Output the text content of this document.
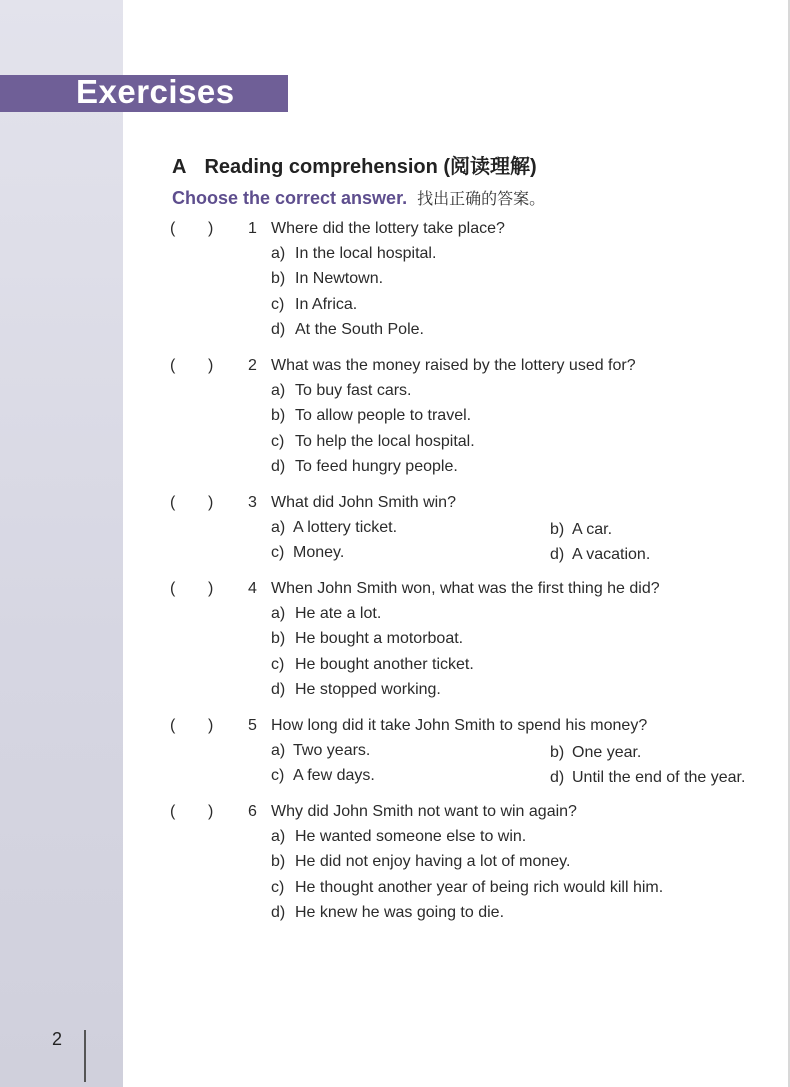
Exercises
A Reading comprehension (阅读理解)
Choose the correct answer. 找出正确的答案。
( ) 1 Where did the lottery take place?
a) In the local hospital.
b) In Newtown.
c) In Africa.
d) At the South Pole.
( ) 2 What was the money raised by the lottery used for?
a) To buy fast cars.
b) To allow people to travel.
c) To help the local hospital.
d) To feed hungry people.
( ) 3 What did John Smith win?
a) A lottery ticket.	b) A car.
c) Money.	d) A vacation.
( ) 4 When John Smith won, what was the first thing he did?
a) He ate a lot.
b) He bought a motorboat.
c) He bought another ticket.
d) He stopped working.
( ) 5 How long did it take John Smith to spend his money?
a) Two years.	b) One year.
c) A few days.	d) Until the end of the year.
( ) 6 Why did John Smith not want to win again?
a) He wanted someone else to win.
b) He did not enjoy having a lot of money.
c) He thought another year of being rich would kill him.
d) He knew he was going to die.
2
